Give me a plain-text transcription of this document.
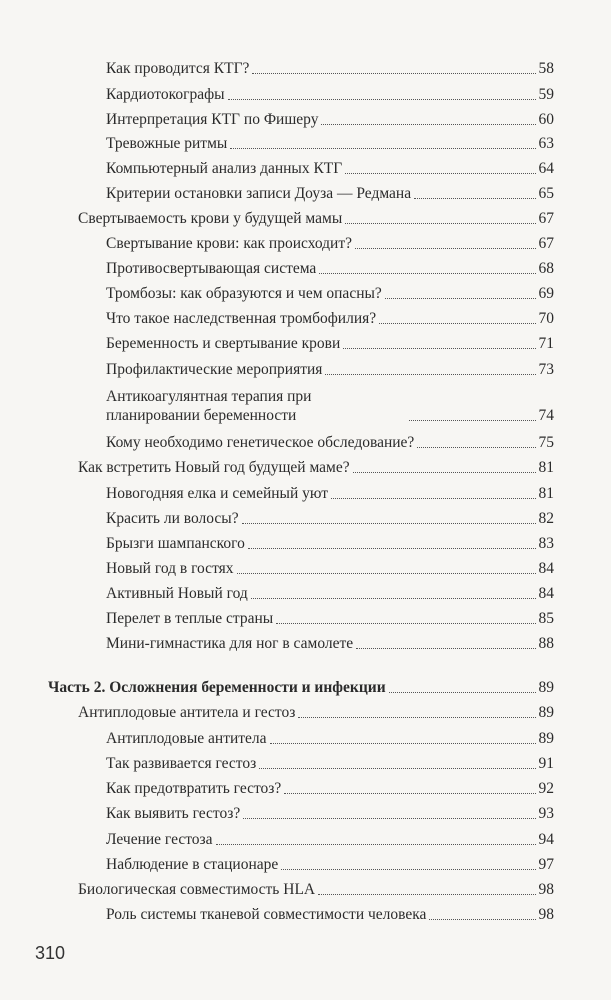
Как проводится КТГ?	58
Кардиотокографы	59
Интерпретация КТГ по Фишеру	60
Тревожные ритмы	63
Компьютерный анализ данных КТГ	64
Критерии остановки записи Доуза — Редмана	65
Свертываемость крови у будущей мамы	67
Свертывание крови: как происходит?	67
Противосвертывающая система	68
Тромбозы: как образуются и чем опасны?	69
Что такое наследственная тромбофилия?	70
Беременность и свертывание крови	71
Профилактические мероприятия	73
Антикоагулянтная терапия при планировании беременности	74
Кому необходимо генетическое обследование?	75
Как встретить Новый год будущей маме?	81
Новогодняя елка и семейный уют	81
Красить ли волосы?	82
Брызги шампанского	83
Новый год в гостях	84
Активный Новый год	84
Перелет в теплые страны	85
Мини-гимнастика для ног в самолете	88
Часть 2. Осложнения беременности и инфекции	89
Антиплодовые антитела и гестоз	89
Антиплодовые антитела	89
Так развивается гестоз	91
Как предотвратить гестоз?	92
Как выявить гестоз?	93
Лечение гестоза	94
Наблюдение в стационаре	97
Биологическая совместимость HLA	98
Роль системы тканевой совместимости человека	98
310
